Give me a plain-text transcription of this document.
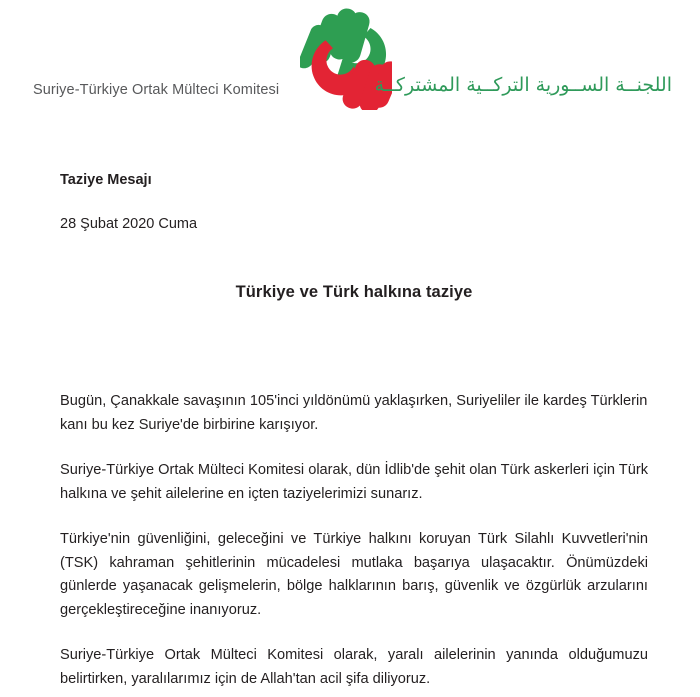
Suriye-Türkiye Ortak Mülteci Komitesi	اللجنــة الســورية التركــية المشتركــة
Taziye Mesajı
28 Şubat 2020 Cuma
Türkiye ve Türk halkına taziye

Bugün, Çanakkale savaşının 105'inci yıldönümü yaklaşırken, Suriyeliler ile kardeş Türklerin kanı bu kez Suriye'de birbirine karışıyor.

Suriye-Türkiye Ortak Mülteci Komitesi olarak, dün İdlib'de şehit olan Türk askerleri için Türk halkına ve şehit ailelerine en içten taziyelerimizi sunarız.

Türkiye'nin güvenliğini, geleceğini ve Türkiye halkını koruyan Türk Silahlı Kuvvetleri'nin (TSK) kahraman şehitlerinin mücadelesi mutlaka başarıya ulaşacaktır. Önümüzdeki günlerde yaşanacak gelişmelerin, bölge halklarının barış, güvenlik ve özgürlük arzularını gerçekleştireceğine inanıyoruz.

Suriye-Türkiye Ortak Mülteci Komitesi olarak, yaralı ailelerinin yanında olduğumuzu belirtirken, yaralılarımız için de Allah'tan acil şifa diliyoruz.
